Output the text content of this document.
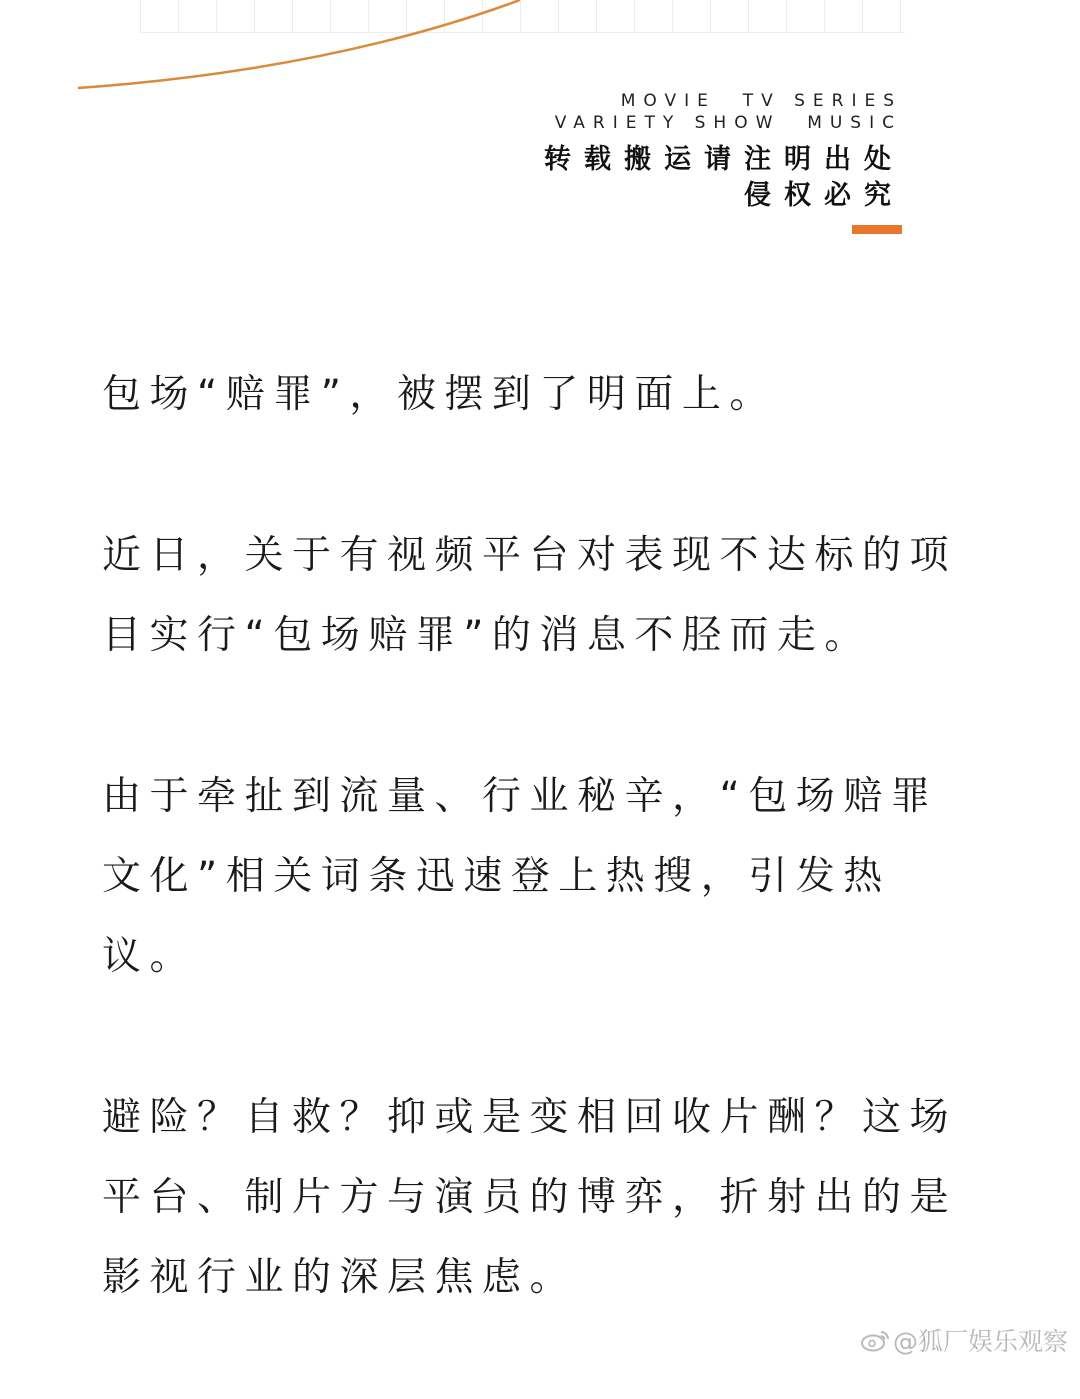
MOVIE  TV SERIES
VARIETY SHOW  MUSIC
转载搬运请注明出处
侵权必究

包场“赔罪”，被摆到了明面上。

近日，关于有视频平台对表现不达标的项目实行“包场赔罪”的消息不胫而走。

由于牵扯到流量、行业秘辛，“包场赔罪文化”相关词条迅速登上热搜，引发热议。

避险？自救？抑或是变相回收片酬？这场平台、制片方与演员的博弈，折射出的是影视行业的深层焦虑。

@狐厂娱乐观察
